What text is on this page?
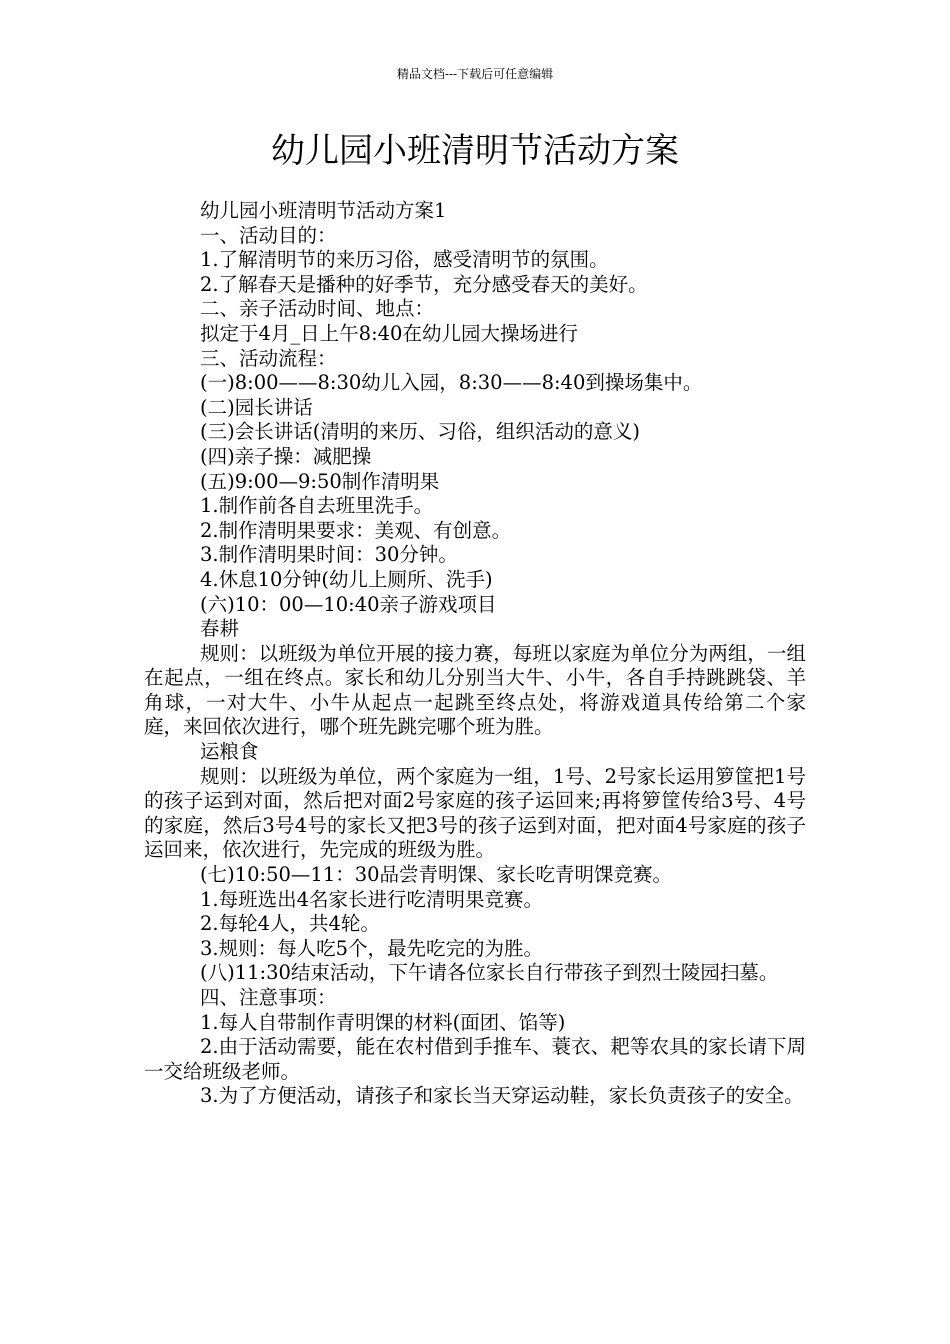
精品文档---下载后可任意编辑
幼儿园小班清明节活动方案

幼儿园小班清明节活动方案1

一、活动目的：

1.了解清明节的来历习俗，感受清明节的氛围。

2.了解春天是播种的好季节，充分感受春天的美好。

二、亲子活动时间、地点：

拟定于4月_日上午8:40在幼儿园大操场进行

三、活动流程：

(一)8:00——8:30幼儿入园，8:30——8:40到操场集中。

(二)园长讲话

(三)会长讲话(清明的来历、习俗，组织活动的意义)

(四)亲子操：减肥操

(五)9:00—9:50制作清明果

1.制作前各自去班里洗手。

2.制作清明果要求：美观、有创意。

3.制作清明果时间：30分钟。

4.休息10分钟(幼儿上厕所、洗手)

(六)10：00—10:40亲子游戏项目

春耕

规则：以班级为单位开展的接力赛，每班以家庭为单位分为两组，一组在起点，一组在终点。家长和幼儿分别当大牛、小牛，各自手持跳跳袋、羊角球，一对大牛、小牛从起点一起跳至终点处，将游戏道具传给第二个家庭，来回依次进行，哪个班先跳完哪个班为胜。

运粮食

规则：以班级为单位，两个家庭为一组，1号、2号家长运用箩筐把1号的孩子运到对面，然后把对面2号家庭的孩子运回来;再将箩筐传给3号、4号的家庭，然后3号4号的家长又把3号的孩子运到对面，把对面4号家庭的孩子运回来，依次进行，先完成的班级为胜。

(七)10:50—11：30品尝青明馃、家长吃青明馃竞赛。

1.每班选出4名家长进行吃清明果竞赛。

2.每轮4人，共4轮。

3.规则：每人吃5个，最先吃完的为胜。

(八)11:30结束活动，下午请各位家长自行带孩子到烈士陵园扫墓。

四、注意事项：

1.每人自带制作青明馃的材料(面团、馅等)

2.由于活动需要，能在农村借到手推车、蓑衣、耙等农具的家长请下周一交给班级老师。

3.为了方便活动，请孩子和家长当天穿运动鞋，家长负责孩子的安全。
